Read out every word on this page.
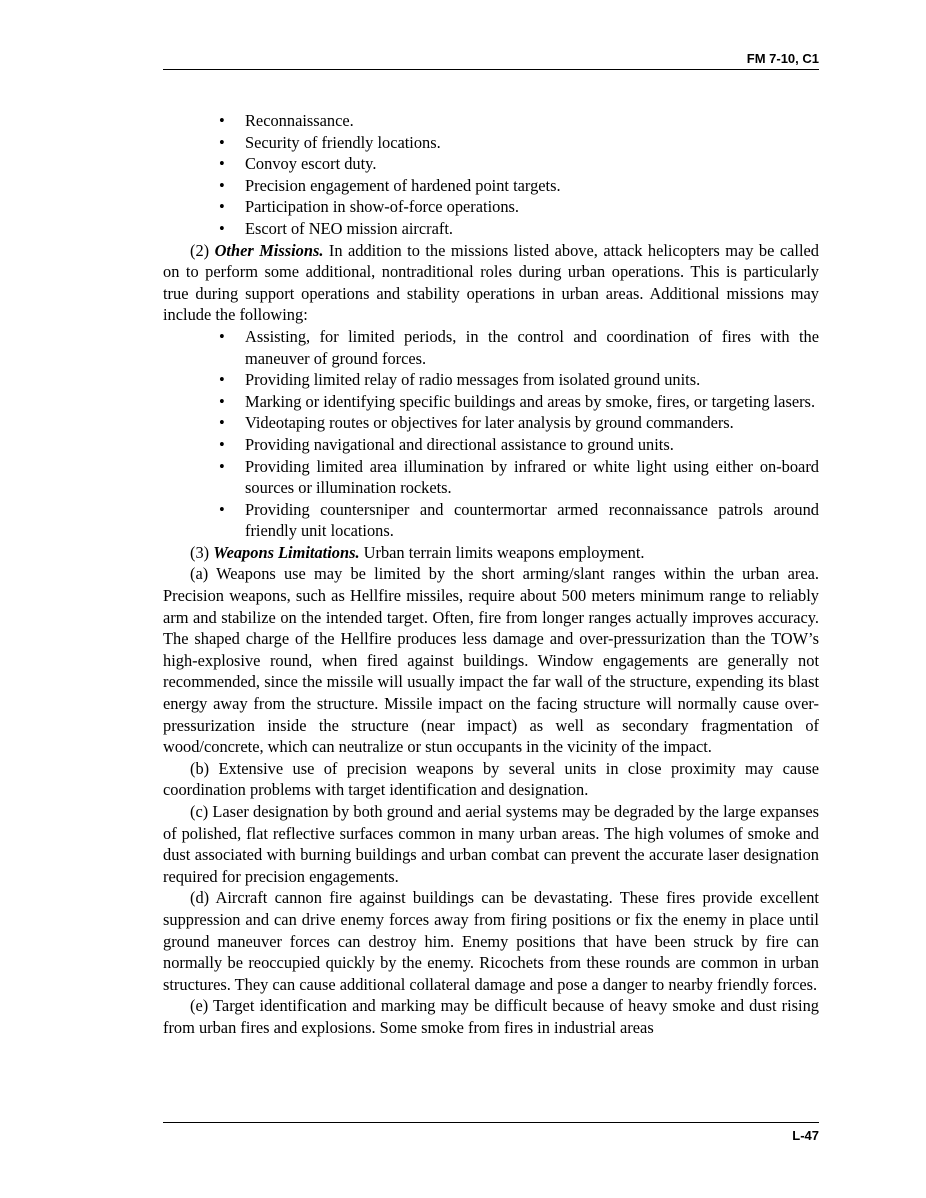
FM 7-10, C1
• Reconnaissance.
• Security of friendly locations.
• Convoy escort duty.
• Precision engagement of hardened point targets.
• Participation in show-of-force operations.
• Escort of NEO mission aircraft.

(2) Other Missions. In addition to the missions listed above, attack helicopters may be called on to perform some additional, nontraditional roles during urban operations. This is particularly true during support operations and stability operations in urban areas. Additional missions may include the following:

• Assisting, for limited periods, in the control and coordination of fires with the maneuver of ground forces.
• Providing limited relay of radio messages from isolated ground units.
• Marking or identifying specific buildings and areas by smoke, fires, or targeting lasers.
• Videotaping routes or objectives for later analysis by ground commanders.
• Providing navigational and directional assistance to ground units.
• Providing limited area illumination by infrared or white light using either on-board sources or illumination rockets.
• Providing countersniper and countermortar armed reconnaissance patrols around friendly unit locations.

(3) Weapons Limitations. Urban terrain limits weapons employment.

(a) Weapons use may be limited by the short arming/slant ranges within the urban area. Precision weapons, such as Hellfire missiles, require about 500 meters minimum range to reliably arm and stabilize on the intended target. Often, fire from longer ranges actually improves accuracy. The shaped charge of the Hellfire produces less damage and over-pressurization than the TOW’s high-explosive round, when fired against buildings. Window engagements are generally not recommended, since the missile will usually impact the far wall of the structure, expending its blast energy away from the structure. Missile impact on the facing structure will normally cause over-pressurization inside the structure (near impact) as well as secondary fragmentation of wood/concrete, which can neutralize or stun occupants in the vicinity of the impact.

(b) Extensive use of precision weapons by several units in close proximity may cause coordination problems with target identification and designation.

(c) Laser designation by both ground and aerial systems may be degraded by the large expanses of polished, flat reflective surfaces common in many urban areas. The high volumes of smoke and dust associated with burning buildings and urban combat can prevent the accurate laser designation required for precision engagements.

(d) Aircraft cannon fire against buildings can be devastating. These fires provide excellent suppression and can drive enemy forces away from firing positions or fix the enemy in place until ground maneuver forces can destroy him. Enemy positions that have been struck by fire can normally be reoccupied quickly by the enemy. Ricochets from these rounds are common in urban structures. They can cause additional collateral damage and pose a danger to nearby friendly forces.

(e) Target identification and marking may be difficult because of heavy smoke and dust rising from urban fires and explosions. Some smoke from fires in industrial areas

L-47
